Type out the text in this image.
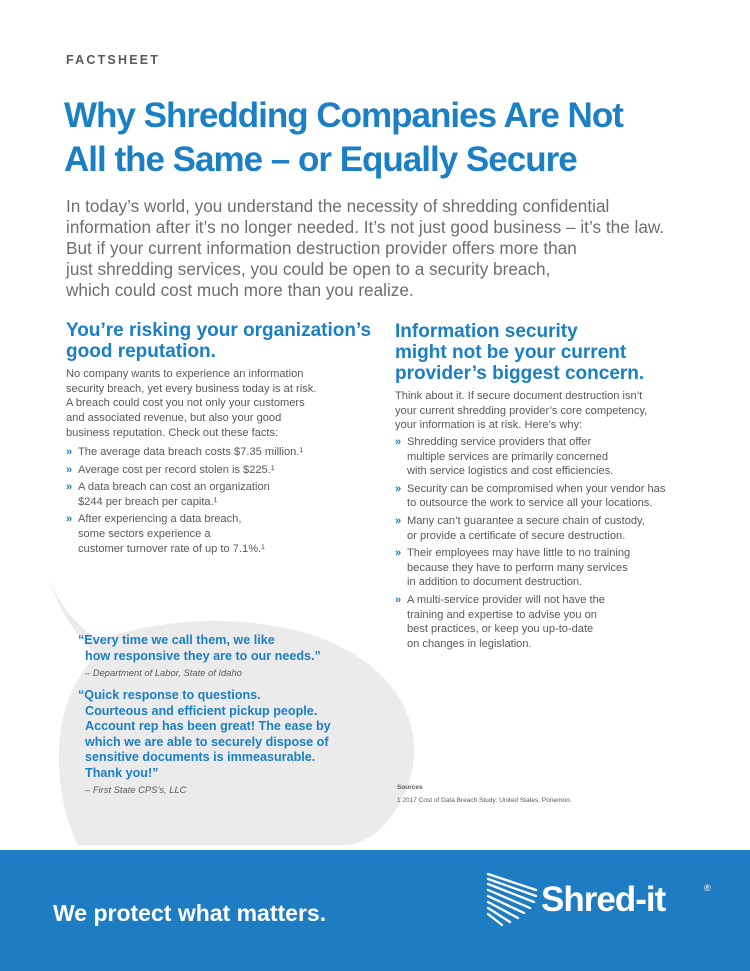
FACTSHEET
Why Shredding Companies Are Not
All the Same – or Equally Secure
In today’s world, you understand the necessity of shredding confidential
information after it’s no longer needed. It’s not just good business – it’s the law.
But if your current information destruction provider offers more than
just shredding services, you could be open to a security breach,
which could cost much more than you realize.
You’re risking your organization’s
good reputation.
No company wants to experience an information
security breach, yet every business today is at risk.
A breach could cost you not only your customers
and associated revenue, but also your good
business reputation. Check out these facts:
» The average data breach costs $7.35 million.¹
» Average cost per record stolen is $225.¹
» A data breach can cost an organization
$244 per breach per capita.¹
» After experiencing a data breach,
some sectors experience a
customer turnover rate of up to 7.1%.¹
Information security
might not be your current
provider’s biggest concern.
Think about it. If secure document destruction isn’t
your current shredding provider’s core competency,
your information is at risk. Here’s why:
» Shredding service providers that offer
multiple services are primarily concerned
with service logistics and cost efficiencies.
» Security can be compromised when your vendor has
to outsource the work to service all your locations.
» Many can’t guarantee a secure chain of custody,
or provide a certificate of secure destruction.
» Their employees may have little to no training
because they have to perform many services
in addition to document destruction.
» A multi-service provider will not have the
training and expertise to advise you on
best practices, or keep you up-to-date
on changes in legislation.
“Every time we call them, we like
how responsive they are to our needs.”
– Department of Labor, State of Idaho
“Quick response to questions.
Courteous and efficient pickup people.
Account rep has been great! The ease by
which we are able to securely dispose of
sensitive documents is immeasurable.
Thank you!”
– First State CPS’s, LLC	Sources
1 2017 Cost of Data Breach Study: United States, Ponemon.
We protect what matters.	Shred-it	®
